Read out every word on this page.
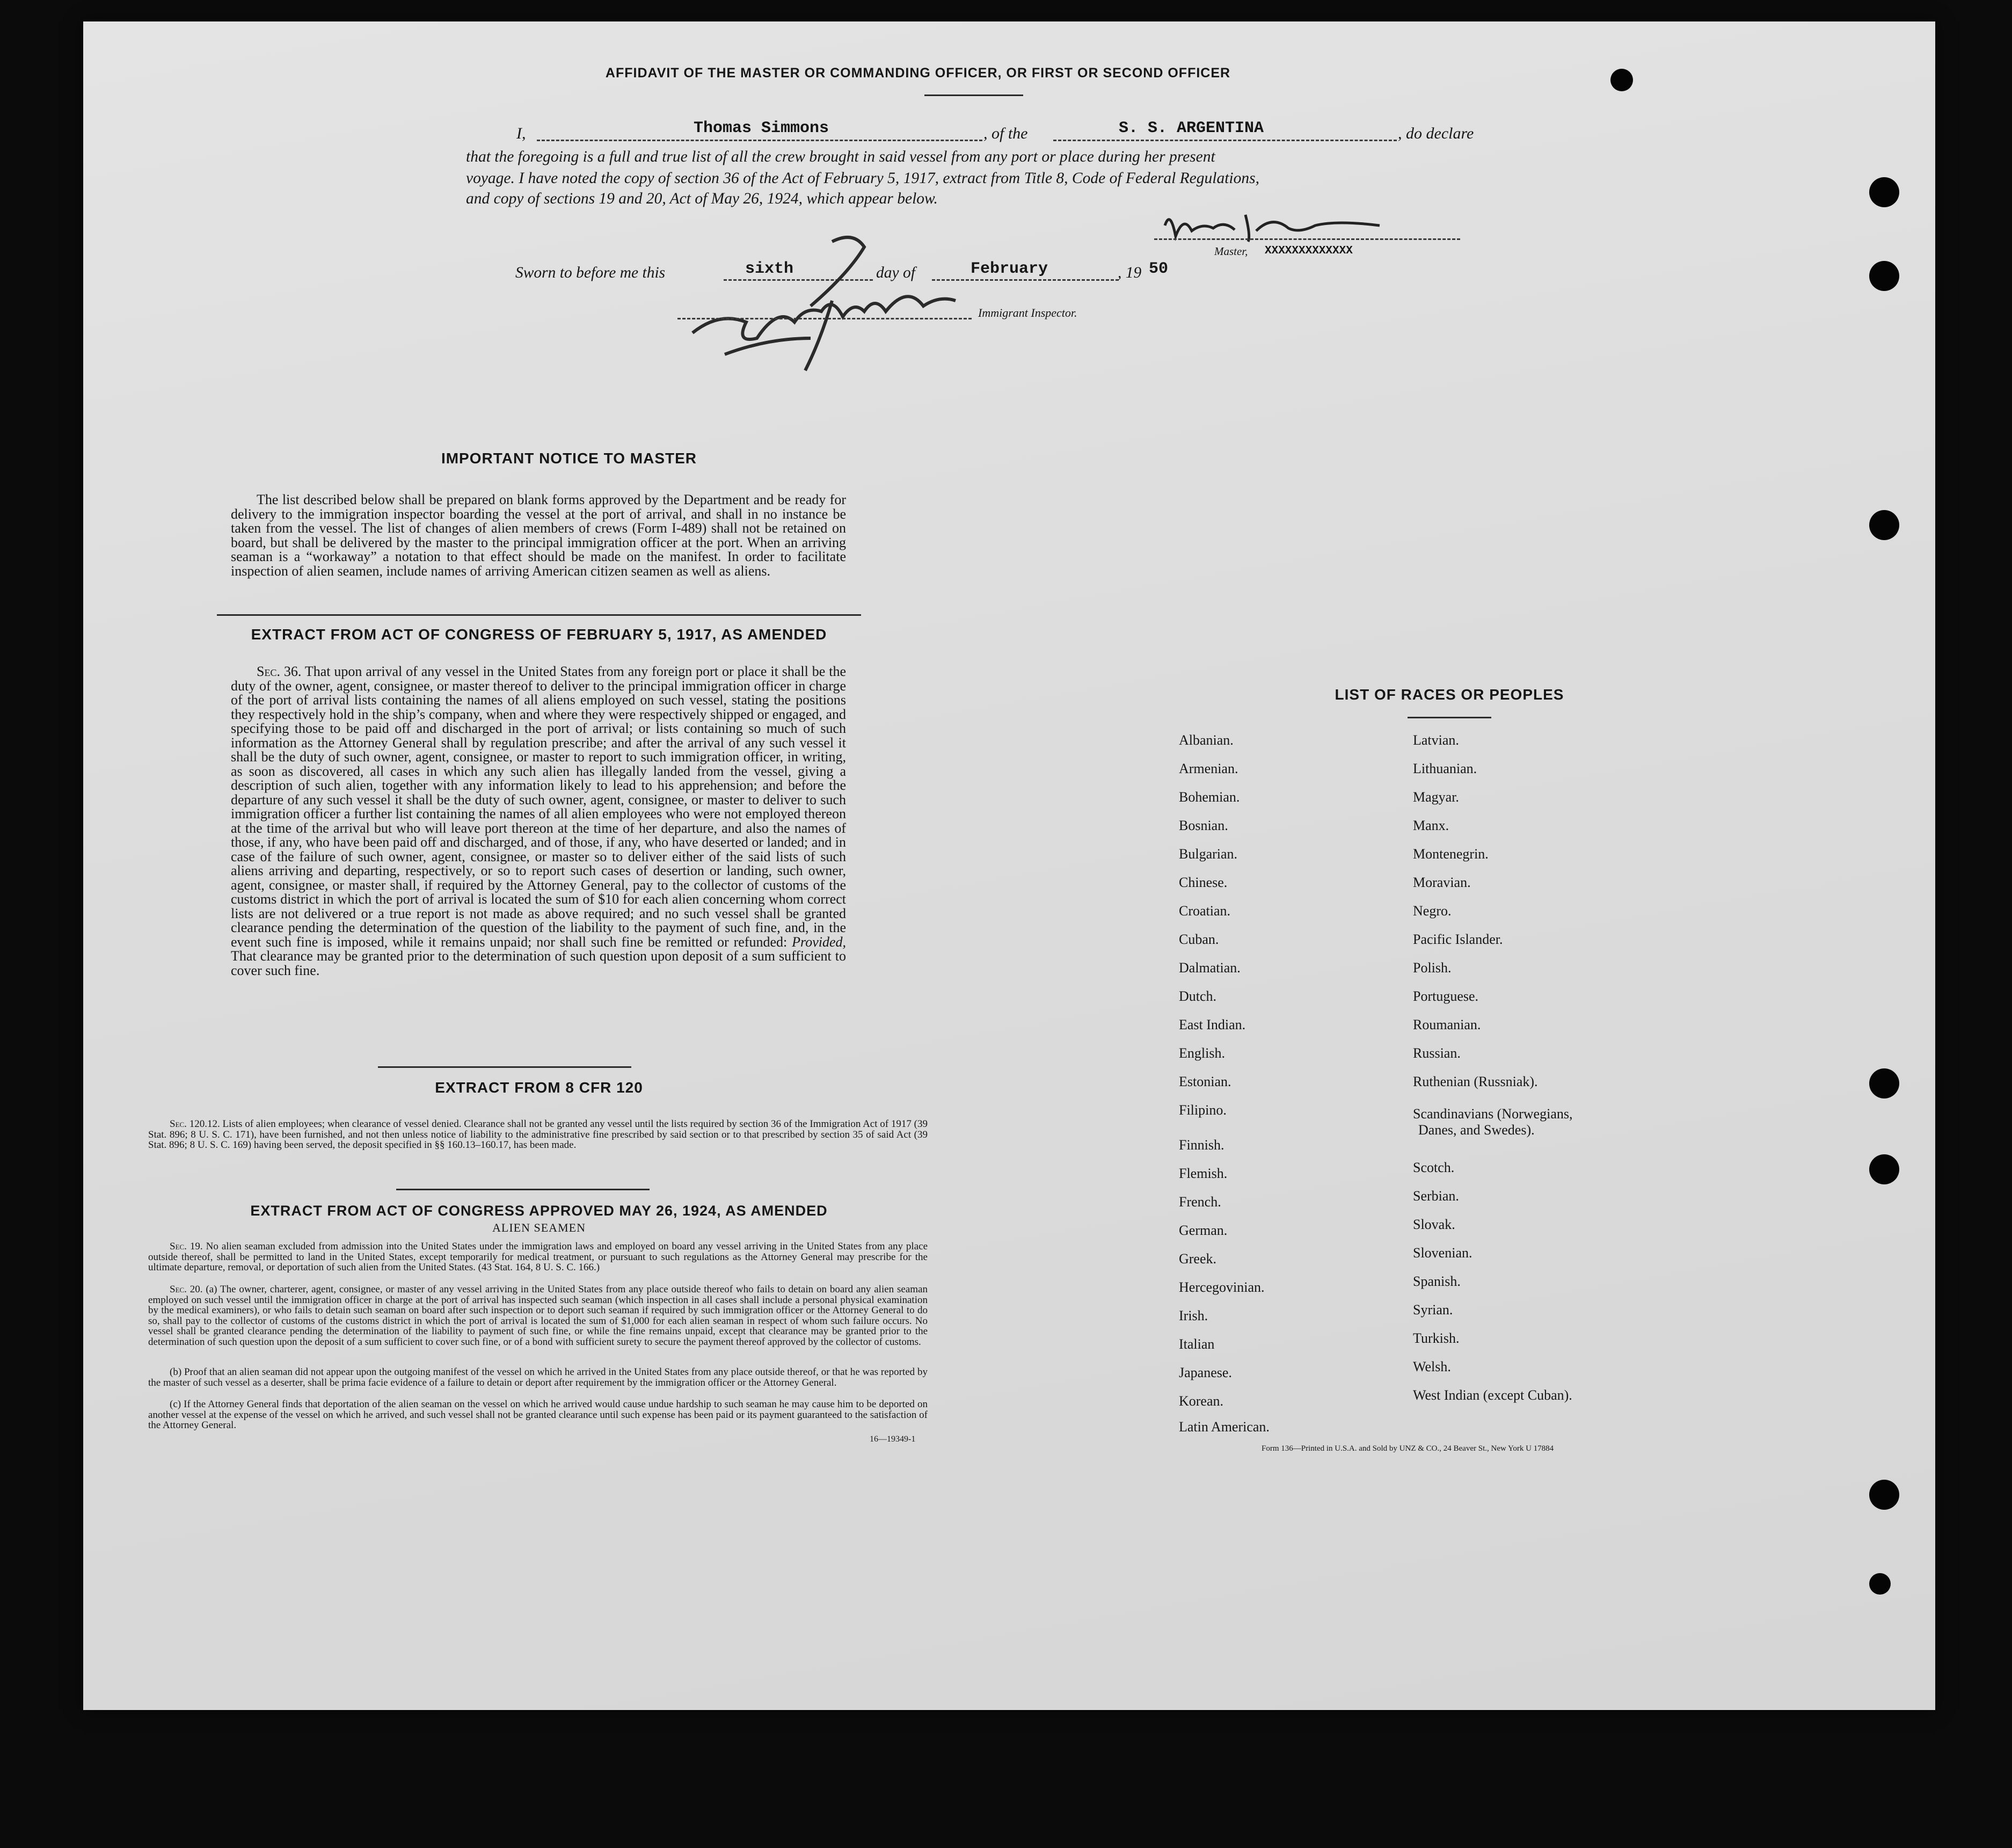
AFFIDAVIT OF THE MASTER OR COMMANDING OFFICER, OR FIRST OR SECOND OFFICER
I,	Thomas Simmons	, of the	S. S. ARGENTINA	, do declare
that the foregoing is a full and true list of all the crew brought in said vessel from any port or place during her present
voyage. I have noted the copy of section 36 of the Act of February 5, 1917, extract from Title 8, Code of Federal Regulations,
and copy of sections 19 and 20, Act of May 26, 1924, which appear below.
Master, XXXXXXXXXXXXX
Sworn to before me this	sixth	day of	February	, 19 50
Immigrant Inspector.
IMPORTANT NOTICE TO MASTER
The list described below shall be prepared on blank forms approved by the Department and be ready for delivery to the immigration inspector boarding the vessel at the port of arrival, and shall in no instance be taken from the vessel. The list of changes of alien members of crews (Form I-489) shall not be retained on board, but shall be delivered by the master to the principal immigration officer at the port. When an arriving seaman is a “workaway” a notation to that effect should be made on the manifest. In order to facilitate inspection of alien seamen, include names of arriving American citizen seamen as well as aliens.
EXTRACT FROM ACT OF CONGRESS OF FEBRUARY 5, 1917, AS AMENDED
Sec. 36. That upon arrival of any vessel in the United States from any foreign port or place it shall be the duty of the owner, agent, consignee, or master thereof to deliver to the principal immigration officer in charge of the port of arrival lists containing the names of all aliens employed on such vessel, stating the positions they respectively hold in the ship’s company, when and where they were respectively shipped or engaged, and specifying those to be paid off and discharged in the port of arrival; or lists containing so much of such information as the Attorney General shall by regulation prescribe; and after the arrival of any such vessel it shall be the duty of such owner, agent, consignee, or master to report to such immigration officer, in writing, as soon as discovered, all cases in which any such alien has illegally landed from the vessel, giving a description of such alien, together with any information likely to lead to his apprehension; and before the departure of any such vessel it shall be the duty of such owner, agent, consignee, or master to deliver to such immigration officer a further list containing the names of all alien employees who were not employed thereon at the time of the arrival but who will leave port thereon at the time of her departure, and also the names of those, if any, who have been paid off and discharged, and of those, if any, who have deserted or landed; and in case of the failure of such owner, agent, consignee, or master so to deliver either of the said lists of such aliens arriving and departing, respectively, or so to report such cases of desertion or landing, such owner, agent, consignee, or master shall, if required by the Attorney General, pay to the collector of customs of the customs district in which the port of arrival is located the sum of $10 for each alien concerning whom correct lists are not delivered or a true report is not made as above required; and no such vessel shall be granted clearance pending the determination of the question of the liability to the payment of such fine, and, in the event such fine is imposed, while it remains unpaid; nor shall such fine be remitted or refunded: Provided, That clearance may be granted prior to the determination of such question upon deposit of a sum sufficient to cover such fine.
EXTRACT FROM 8 CFR 120
Sec. 120.12. Lists of alien employees; when clearance of vessel denied. Clearance shall not be granted any vessel until the lists required by section 36 of the Immigration Act of 1917 (39 Stat. 896; 8 U. S. C. 171), have been furnished, and not then unless notice of liability to the administrative fine prescribed by said section or to that prescribed by section 35 of said Act (39 Stat. 896; 8 U. S. C. 169) having been served, the deposit specified in §§ 160.13–160.17, has been made.
EXTRACT FROM ACT OF CONGRESS APPROVED MAY 26, 1924, AS AMENDED
ALIEN SEAMEN
Sec. 19. No alien seaman excluded from admission into the United States under the immigration laws and employed on board any vessel arriving in the United States from any place outside thereof, shall be permitted to land in the United States, except temporarily for medical treatment, or pursuant to such regulations as the Attorney General may prescribe for the ultimate departure, removal, or deportation of such alien from the United States. (43 Stat. 164, 8 U. S. C. 166.)
Sec. 20. (a) The owner, charterer, agent, consignee, or master of any vessel arriving in the United States from any place outside thereof who fails to detain on board any alien seaman employed on such vessel until the immigration officer in charge at the port of arrival has inspected such seaman (which inspection in all cases shall include a personal physical examination by the medical examiners), or who fails to detain such seaman on board after such inspection or to deport such seaman if required by such immigration officer or the Attorney General to do so, shall pay to the collector of customs of the customs district in which the port of arrival is located the sum of $1,000 for each alien seaman in respect of whom such failure occurs. No vessel shall be granted clearance pending the determination of the liability to payment of such fine, or while the fine remains unpaid, except that clearance may be granted prior to the determination of such question upon the deposit of a sum sufficient to cover such fine, or of a bond with sufficient surety to secure the payment thereof approved by the collector of customs.
(b) Proof that an alien seaman did not appear upon the outgoing manifest of the vessel on which he arrived in the United States from any place outside thereof, or that he was reported by the master of such vessel as a deserter, shall be prima facie evidence of a failure to detain or deport after requirement by the immigration officer or the Attorney General.
(c) If the Attorney General finds that deportation of the alien seaman on the vessel on which he arrived would cause undue hardship to such seaman he may cause him to be deported on another vessel at the expense of the vessel on which he arrived, and such vessel shall not be granted clearance until such expense has been paid or its payment guaranteed to the satisfaction of the Attorney General.
16—19349-1
LIST OF RACES OR PEOPLES
Albanian.
Armenian.
Bohemian.
Bosnian.
Bulgarian.
Chinese.
Croatian.
Cuban.
Dalmatian.
Dutch.
East Indian.
English.
Estonian.
Filipino.
Finnish.
Flemish.
French.
German.
Greek.
Hercegovinian.
Irish.
Italian
Japanese.
Korean.
Latin American.
Latvian.
Lithuanian.
Magyar.
Manx.
Montenegrin.
Moravian.
Negro.
Pacific Islander.
Polish.
Portuguese.
Roumanian.
Russian.
Ruthenian (Russniak).
Scandinavians (Norwegians,
Danes, and Swedes).
Scotch.
Serbian.
Slovak.
Slovenian.
Spanish.
Syrian.
Turkish.
Welsh.
West Indian (except Cuban).
Form 136—Printed in U.S.A. and Sold by UNZ & CO., 24 Beaver St., New York U 17884
